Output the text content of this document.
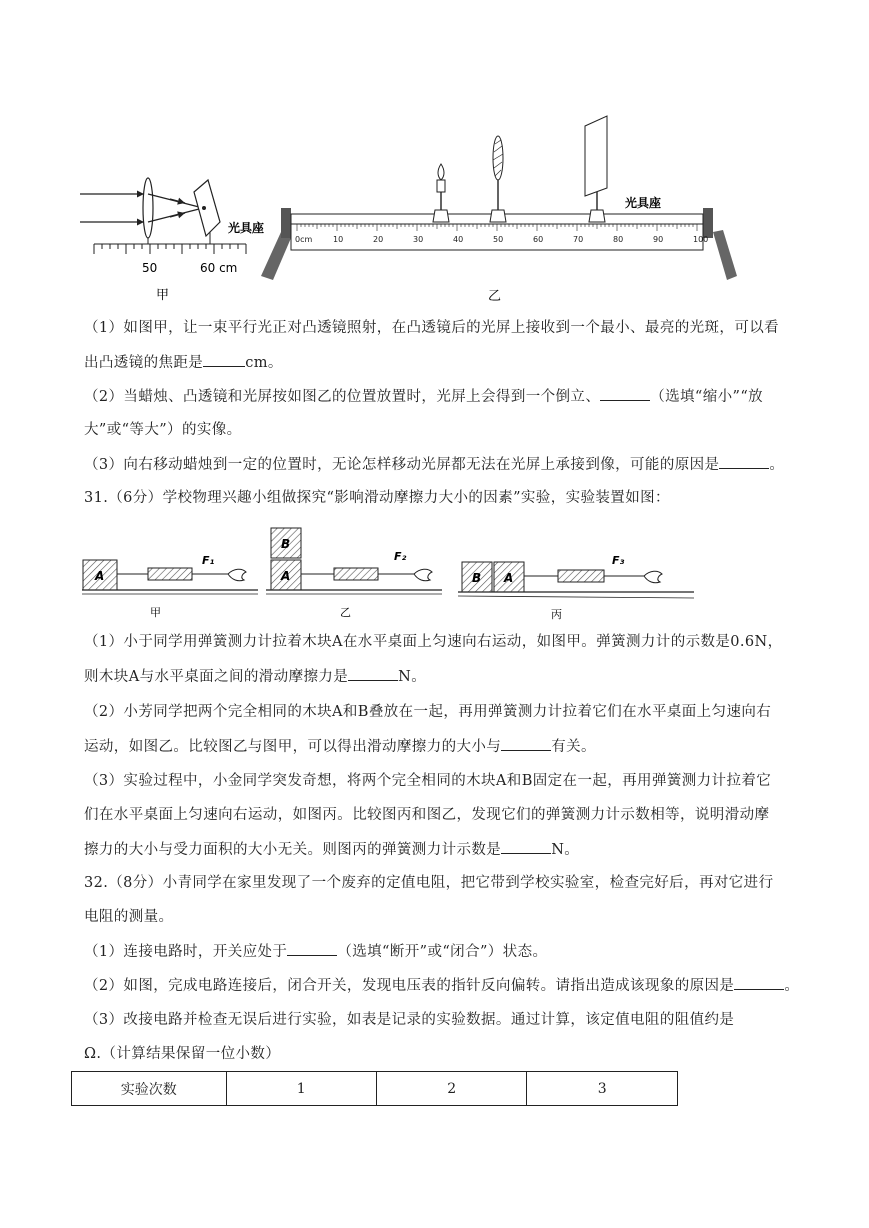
50	60 cm
光具座
甲
0cm	10	20	30	40	50	60	70	80	90	100
光具座
乙
（1）如图甲，让一束平行光正对凸透镜照射，在凸透镜后的光屏上接收到一个最小、最亮的光斑，可以看
出凸透镜的焦距是	cm。
（2）当蜡烛、凸透镜和光屏按如图乙的位置放置时，光屏上会得到一个倒立、	（选填“缩小”“放
大”或“等大”）的实像。
（3）向右移动蜡烛到一定的位置时，无论怎样移动光屏都无法在光屏上承接到像，可能的原因是	。
31.（6分）学校物理兴趣小组做探究“影响滑动摩擦力大小的因素”实验，实验装置如图：
A
F₁
甲
B
A
F₂
乙
B A
F₃
丙
（1）小于同学用弹簧测力计拉着木块A在水平桌面上匀速向右运动，如图甲。弹簧测力计的示数是0.6N，
则木块A与水平桌面之间的滑动摩擦力是	N。
（2）小芳同学把两个完全相同的木块A和B叠放在一起，再用弹簧测力计拉着它们在水平桌面上匀速向右
运动，如图乙。比较图乙与图甲，可以得出滑动摩擦力的大小与	有关。
（3）实验过程中，小金同学突发奇想，将两个完全相同的木块A和B固定在一起，再用弹簧测力计拉着它
们在水平桌面上匀速向右运动，如图丙。比较图丙和图乙，发现它们的弹簧测力计示数相等，说明滑动摩
擦力的大小与受力面积的大小无关。则图丙的弹簧测力计示数是	N。
32.（8分）小青同学在家里发现了一个废弃的定值电阻，把它带到学校实验室，检查完好后，再对它进行
电阻的测量。
（1）连接电路时，开关应处于	（选填“断开”或“闭合”）状态。
（2）如图，完成电路连接后，闭合开关，发现电压表的指针反向偏转。请指出造成该现象的原因是	。
（3）改接电路并检查无误后进行实验，如表是记录的实验数据。通过计算，该定值电阻的阻值约是
Ω.（计算结果保留一位小数）
实验次数	1	2	3
